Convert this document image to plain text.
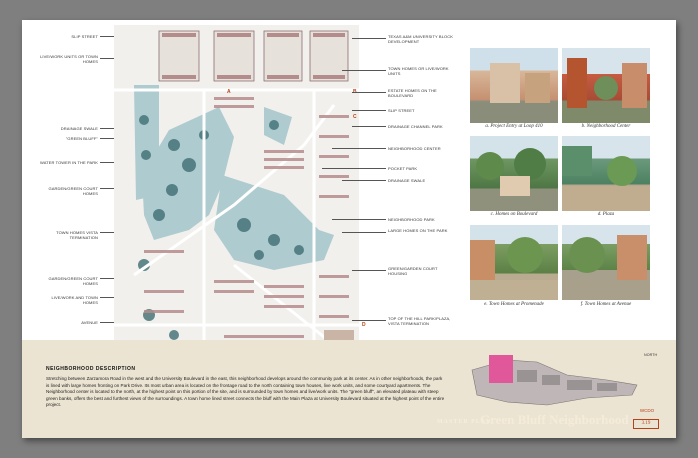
SLIP STREET
LIVE/WORK UNITS OR TOWN HOMES
DRAINAGE SWALE
"GREEN BLUFF"
WATER TOWER IN THE PARK
GARDEN/GREEN COURT HOMES
TOWN HOMES VISTA TERMINATION
GARDEN/GREEN COURT HOMES
LIVE/WORK AND TOWN HOMES
AVENUE
A	B
C
D
TEXAS A&M UNIVERSITY BLOCK DEVELOPMENT
TOWN HOMES OR LIVE/WORK UNITS
ESTATE HOMES ON THE BOULEVARD
SLIP STREET
DRAINAGE CHANNEL PARK
NEIGHBORHOOD CENTER
POCKET PARK
DRAINAGE SWALE
NEIGHBORHOOD PARK
LARGE HOMES ON THE PARK
GREEN/GARDEN COURT HOUSING
TOP OF THE HILL PARK/PLAZA, VISTA TERMINATION
a. Project Entry at Loop 410	b. Neighborhood Center
c. Homes on Boulevard	d. Plaza
e. Town Homes at Promenade	f. Town Homes at Avenue
NEIGHBORHOOD DESCRIPTION
Stretching between Zarzamora Road in the west and the University Boulevard in the east, this neighborhood develops around the community park at its center. As in other neighborhoods, the park is lined with large homes fronting on Park Drive. Its most urban area is located on the frontage road to the north containing town houses, live work units, and some courtyard apartments. The Neighborhood center is located to the north, at the highest point on this portion of the site, and is surrounded by town homes and live/work units. The "green bluff", an elevated plateau with steep green banks, offers the best and furthest views of the surroundings. A town home lined street connects the bluff with the Main Plaza at University Boulevard situated at the highest point of the entire project.
NORTH
MASTER PLAN
Green Bluff Neighborhood
WCDO
3.19
